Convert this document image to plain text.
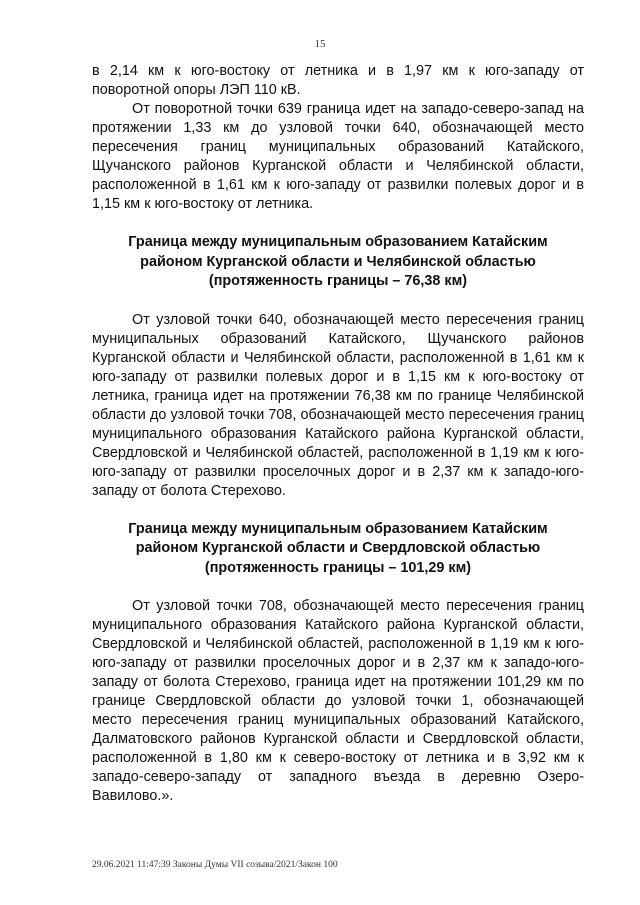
15

в 2,14 км к юго-востоку от летника и в 1,97 км к юго-западу от поворотной опоры ЛЭП 110 кВ.

От поворотной точки 639 граница идет на западо-северо-запад на протяжении 1,33 км до узловой точки 640, обозначающей место пересечения границ муниципальных образований Катайского, Щучанского районов Курганской области и Челябинской области, расположенной в 1,61 км к юго-западу от развилки полевых дорог и в 1,15 км к юго-востоку от летника.

Граница между муниципальным образованием Катайским

районом Курганской области и Челябинской областью

(протяженность границы – 76,38 км)

От узловой точки 640, обозначающей место пересечения границ муниципальных образований Катайского, Щучанского районов Курганской области и Челябинской области, расположенной в 1,61 км к юго-западу от развилки полевых дорог и в 1,15 км к юго-востоку от летника, граница идет на протяжении 76,38 км по границе Челябинской области до узловой точки 708, обозначающей место пересечения границ муниципального образования Катайского района Курганской области, Свердловской и Челябинской областей, расположенной в 1,19 км к юго-юго-западу от развилки проселочных дорог и в 2,37 км к западо-юго-западу от болота Стерехово.

Граница между муниципальным образованием Катайским

районом Курганской области и Свердловской областью

(протяженность границы – 101,29 км)

От узловой точки 708, обозначающей место пересечения границ муниципального образования Катайского района Курганской области, Свердловской и Челябинской областей, расположенной в 1,19 км к юго-юго-западу от развилки проселочных дорог и в 2,37 км к западо-юго-западу от болота Стерехово, граница идет на протяжении 101,29 км по границе Свердловской области до узловой точки 1, обозначающей место пересечения границ муниципальных образований Катайского, Далматовского районов Курганской области и Свердловской области, расположенной в 1,80 км к северо-востоку от летника и в 3,92 км к западо-северо-западу от западного въезда в деревню Озеро-Вавилово.».

29.06.2021 11:47:39 Законы Думы VII созыва/2021/Закон 100
